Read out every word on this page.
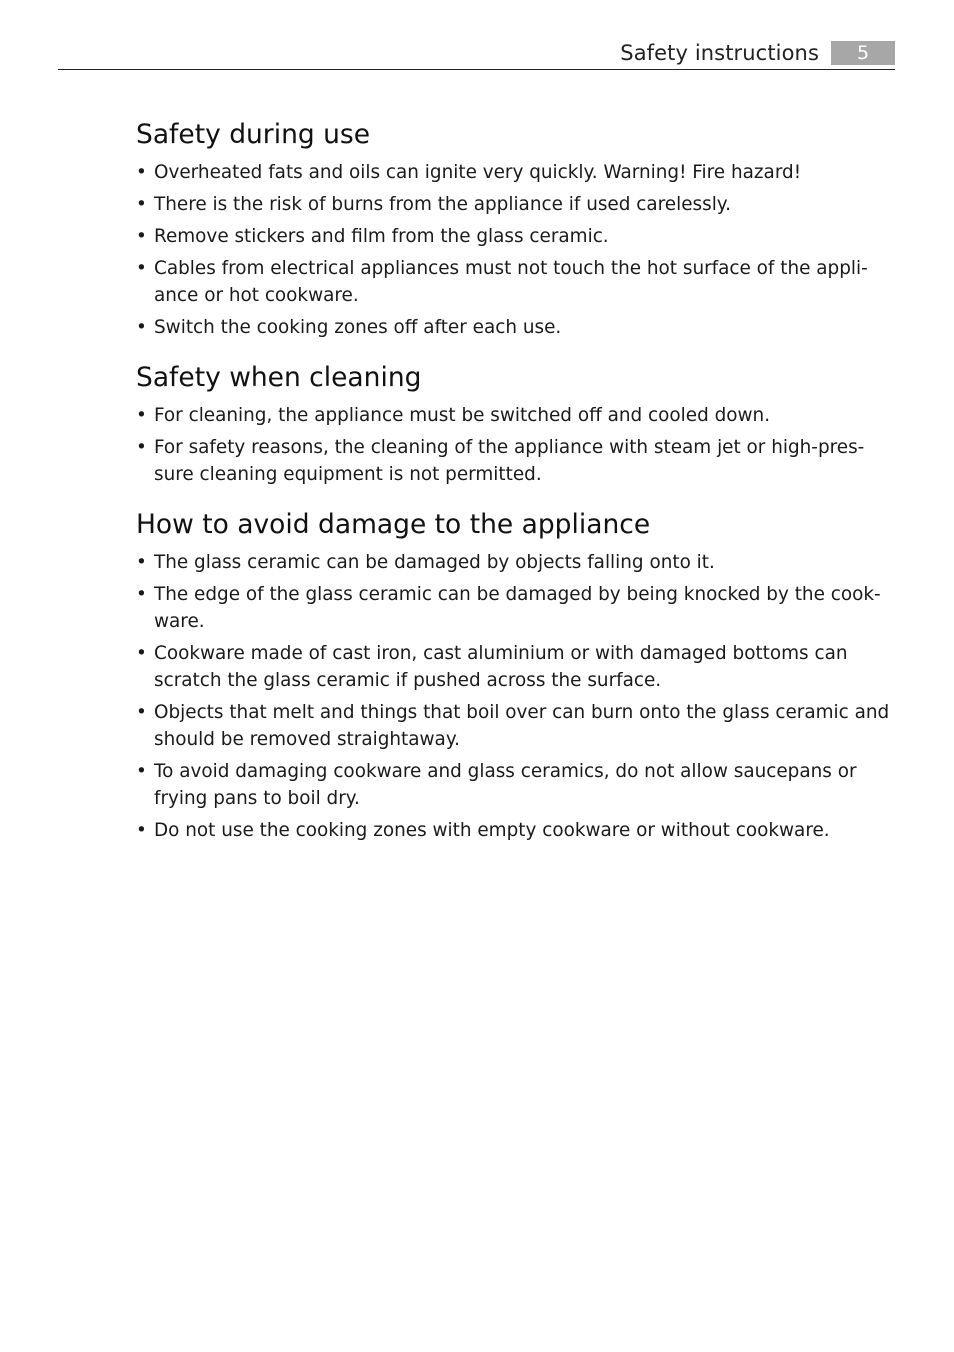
Safety instructions	5
Safety during use
• Overheated fats and oils can ignite very quickly. Warning! Fire hazard!
• There is the risk of burns from the appliance if used carelessly.
• Remove stickers and film from the glass ceramic.
• Cables from electrical appliances must not touch the hot surface of the appliance or hot cookware.
• Switch the cooking zones off after each use.
Safety when cleaning
• For cleaning, the appliance must be switched off and cooled down.
• For safety reasons, the cleaning of the appliance with steam jet or high-pressure cleaning equipment is not permitted.
How to avoid damage to the appliance
• The glass ceramic can be damaged by objects falling onto it.
• The edge of the glass ceramic can be damaged by being knocked by the cookware.
• Cookware made of cast iron, cast aluminium or with damaged bottoms can scratch the glass ceramic if pushed across the surface.
• Objects that melt and things that boil over can burn onto the glass ceramic and should be removed straightaway.
• To avoid damaging cookware and glass ceramics, do not allow saucepans or frying pans to boil dry.
• Do not use the cooking zones with empty cookware or without cookware.
